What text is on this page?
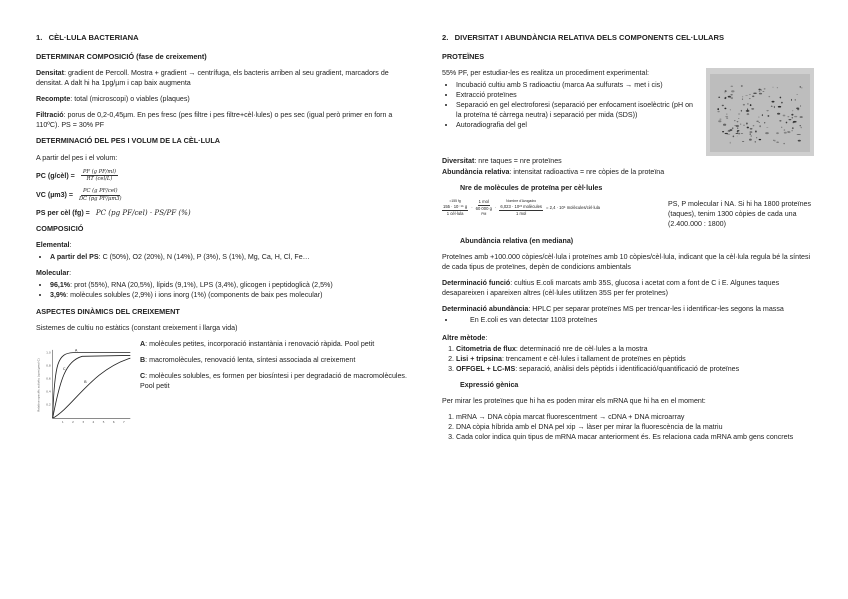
1.   CÈL·LULA BACTERIANA
DETERMINAR COMPOSICIÓ (fase de creixement)

Densitat: gradient de Percoll. Mostra + gradient → centrífuga, els bacteris arriben al seu gradient, marcadors de densitat. A dalt hi ha 1pg/µm i cap baix augmenta

Recompte: total (microscopi) o viables (plaques)

Filtració: porus de 0,2-0,45µm. En pes fresc (pes filtre i pes filtre+cèl·lules) o pes sec (igual però primer en forn a 110ºC). PS = 30% PF

DETERMINACIÓ DEL PES I VOLUM DE LA CÈL·LULA

A partir del pes i el volum:

PC (g/cèl) = $\frac{\text{PF (g PF/ml)}}{\text{RT (cel/L)}}$
VC $(\mu m3) = \frac{\text{PC (g PF/cel)}}{\text{DC (pg PF/µm3)}}$
PS per cèl (fg) = PC (pg PF/cel) · PS/PF (%)
COMPOSICIÓ

Elemental:

• A partir del PS: C (50%), O2 (20%), N (14%), P (3%), S (1%), Mg, Ca, H, Cl, Fe…

Molecular:

• 96,1%: prot (55%), RNA (20,5%), lípids (9,1%), LPS (3,4%), glicogen i peptidoglicà (2,5%)
• 3,9%: molècules solubles (2,9%) i ions inorg (1%) (components de baix pes molecular)
ASPECTES DINÀMICS DEL CREIXEMENT

Sistemes de cultiu no estàtics (constant creixement i llarga vida)

Relative specific activity (cpm/µmol C)
1.0
0.8
0.6
0.4
0.2
1	2	3	4	5	6	7
A
C
B

A: molècules petites, incorporació instantània i renovació ràpida. Pool petit

B: macromolècules, renovació lenta, síntesi associada al creixement

C: molècules solubles, es formen per biosíntesi i per degradació de macromolècules. Pool petit

2.   DIVERSITAT I ABUNDÀNCIA RELATIVA DELS COMPONENTS CEL·LULARS
PROTEÏNES

55% PF, per estudiar-les es realitza un procediment experimental:

• Incubació cultiu amb S radioactiu (marca Aa sulfurats → met i cis)
• Extracció proteïnes
• Separació en gel electroforesi (separació per enfocament isoelèctric (pH on la proteïna té càrrega neutra) i separació per mida (SDS))
• Autoradiografia del gel

Diversitat: nre taques = nre proteïnes

Abundància relativa: intensitat radioactiva = nre còpies de la proteïna

Nre de molècules de proteïna per cèl·lules
=155 fg
155 · 10⁻¹⁵ g
1 cèl·lula
·
1 mol
60 000 g
PM
·
Nombre d'Avogadro
6,023 · 10²³ molècules
1 mol
= 2,4 · 10⁶ molècules/cèl·lula	PS, P molecular i NA. Si hi ha 1800 proteïnes (taques), tenim 1300 còpies de cada una (2.400.000 : 1800)

Abundància relativa (en mediana)

Proteïnes amb +100.000 còpies/cèl·lula i proteïnes amb 10 còpies/cèl·lula, indicant que la cèl·lula regula bé la síntesi de cada tipus de proteïnes, depèn de condicions ambientals

Determinació funció: cultius E.coli marcats amb 35S, glucosa i acetat com a font de C i E. Algunes taques desapareixen i apareixen altres (cèl·lules utilitzen 35S per fer proteïnes)

Determinació abundància: HPLC per separar proteïnes MS per trencar-les i identificar-les segons la massa

• En E.coli es van detectar 1103 proteïnes

Altre mètode:

1. Citometria de flux: determinació nre de cèl·lules a la mostra
2. Lisi + tripsina: trencament e cèl·lules i tallament de proteïnes en pèptids
3. OFFGEL + LC-MS: separació, anàlisi dels pèptids i identificació/quantificació de proteïnes
Expressió gènica

Per mirar les proteïnes que hi ha es poden mirar els mRNA que hi ha en el moment:

1. mRNA → DNA còpia marcat fluorescentment → cDNA + DNA microarray
2. DNA còpia híbrida amb el DNA pel xip → làser per mirar la fluorescència de la matriu
3. Cada color indica quin tipus de mRNA macar anteriorment és. Es relaciona cada mRNA amb gens concrets
